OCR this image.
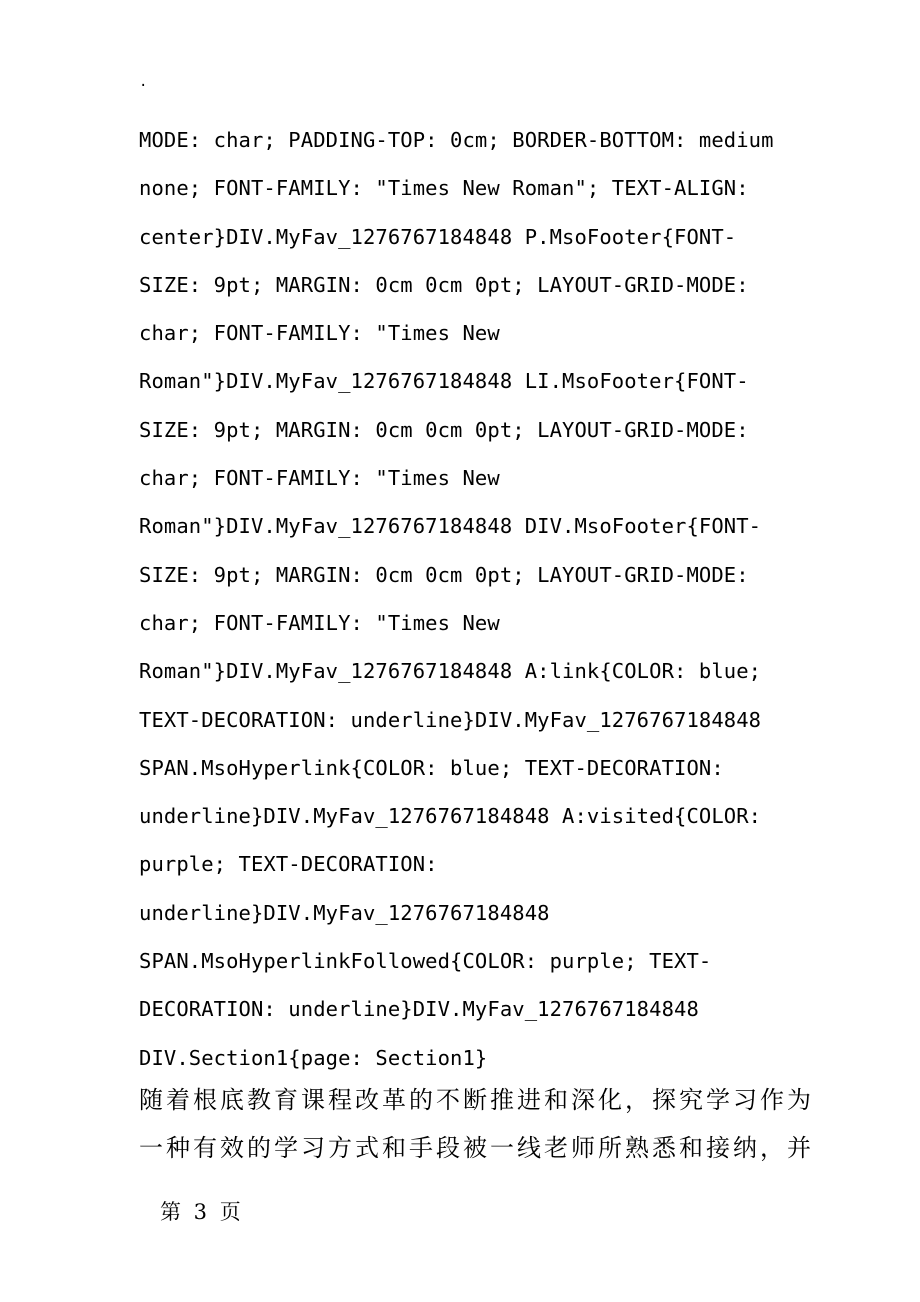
.
MODE: char; PADDING-TOP: 0cm; BORDER-BOTTOM: medium
none; FONT-FAMILY: "Times New Roman"; TEXT-ALIGN:
center}DIV.MyFav_1276767184848 P.MsoFooter{FONT-
SIZE: 9pt; MARGIN: 0cm 0cm 0pt; LAYOUT-GRID-MODE:
char; FONT-FAMILY: "Times New
Roman"}DIV.MyFav_1276767184848 LI.MsoFooter{FONT-
SIZE: 9pt; MARGIN: 0cm 0cm 0pt; LAYOUT-GRID-MODE:
char; FONT-FAMILY: "Times New
Roman"}DIV.MyFav_1276767184848 DIV.MsoFooter{FONT-
SIZE: 9pt; MARGIN: 0cm 0cm 0pt; LAYOUT-GRID-MODE:
char; FONT-FAMILY: "Times New
Roman"}DIV.MyFav_1276767184848 A:link{COLOR: blue;
TEXT-DECORATION: underline}DIV.MyFav_1276767184848
SPAN.MsoHyperlink{COLOR: blue; TEXT-DECORATION:
underline}DIV.MyFav_1276767184848 A:visited{COLOR:
purple; TEXT-DECORATION:
underline}DIV.MyFav_1276767184848
SPAN.MsoHyperlinkFollowed{COLOR: purple; TEXT-
DECORATION: underline}DIV.MyFav_1276767184848
DIV.Section1{page: Section1}
随着根底教育课程改革的不断推进和深化，探究学习作为
一种有效的学习方式和手段被一线老师所熟悉和接纳，并
第 3 页
